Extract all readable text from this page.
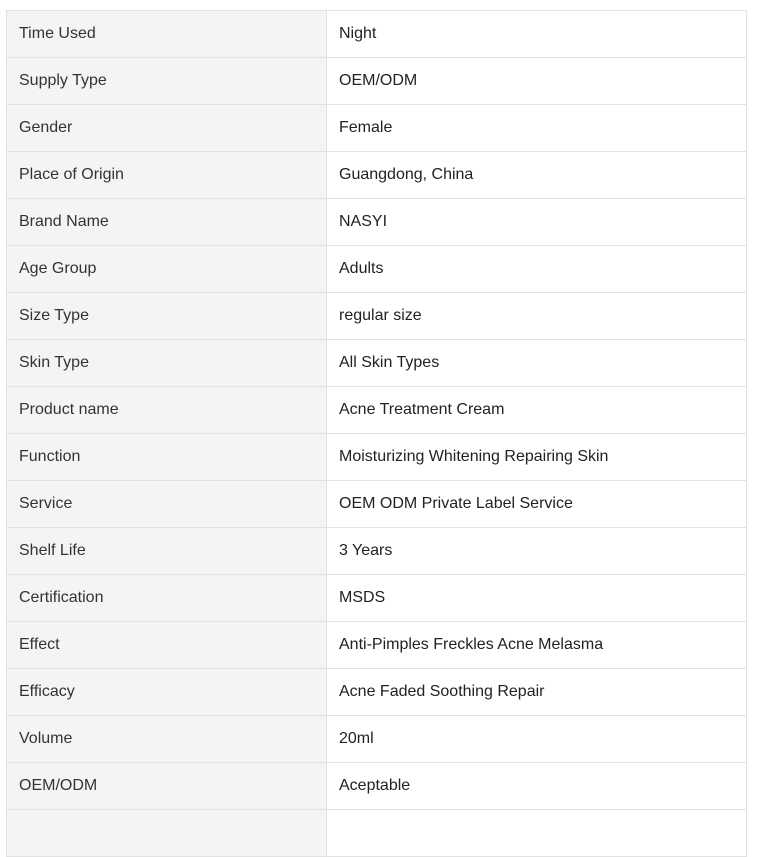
Time Used	Night
Supply Type	OEM/ODM
Gender	Female
Place of Origin	Guangdong, China
Brand Name	NASYI
Age Group	Adults
Size Type	regular size
Skin Type	All Skin Types
Product name	Acne Treatment Cream
Function	Moisturizing Whitening Repairing Skin
Service	OEM ODM Private Label Service
Shelf Life	3 Years
Certification	MSDS
Effect	Anti-Pimples Freckles Acne Melasma
Efficacy	Acne Faded Soothing Repair
Volume	20ml
OEM/ODM	Aceptable
